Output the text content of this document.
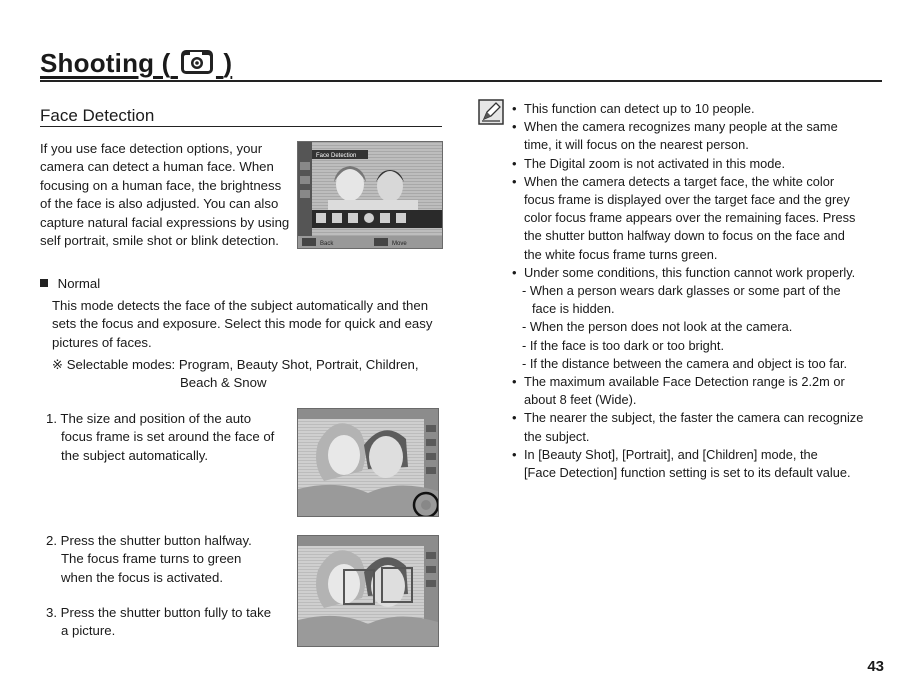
Shooting ( )
Face Detection
If you use face detection options, your
camera can detect a human face. When
focusing on a human face, the brightness
of the face is also adjusted. You can also
capture natural facial expressions by using
self portrait, smile shot or blink detection.
Face Detection
Back	Move
Normal
This mode detects the face of the subject automatically and then
sets the focus and exposure. Select this mode for quick and easy
pictures of faces.
※ Selectable modes: Program, Beauty Shot, Portrait, Children,
Beach & Snow
1. The size and position of the auto
focus frame is set around the face of
the subject automatically.
2. Press the shutter button halfway.
The focus frame turns to green
when the focus is activated.
3. Press the shutter button fully to take
a picture.
• This function can detect up to 10 people.
• When the camera recognizes many people at the same
time, it will focus on the nearest person.
• The Digital zoom is not activated in this mode.
• When the camera detects a target face, the white color
focus frame is displayed over the target face and the grey
color focus frame appears over the remaining faces. Press
the shutter button halfway down to focus on the face and
the white focus frame turns green.
• Under some conditions, this function cannot work properly.
- When a person wears dark glasses or some part of the
face is hidden.
- When the person does not look at the camera.
- If the face is too dark or too bright.
- If the distance between the camera and object is too far.
• The maximum available Face Detection range is 2.2m or
about 8 feet (Wide).
• The nearer the subject, the faster the camera can recognize
the subject.
• In [Beauty Shot], [Portrait], and [Children] mode, the
[Face Detection] function setting is set to its default value.
43
